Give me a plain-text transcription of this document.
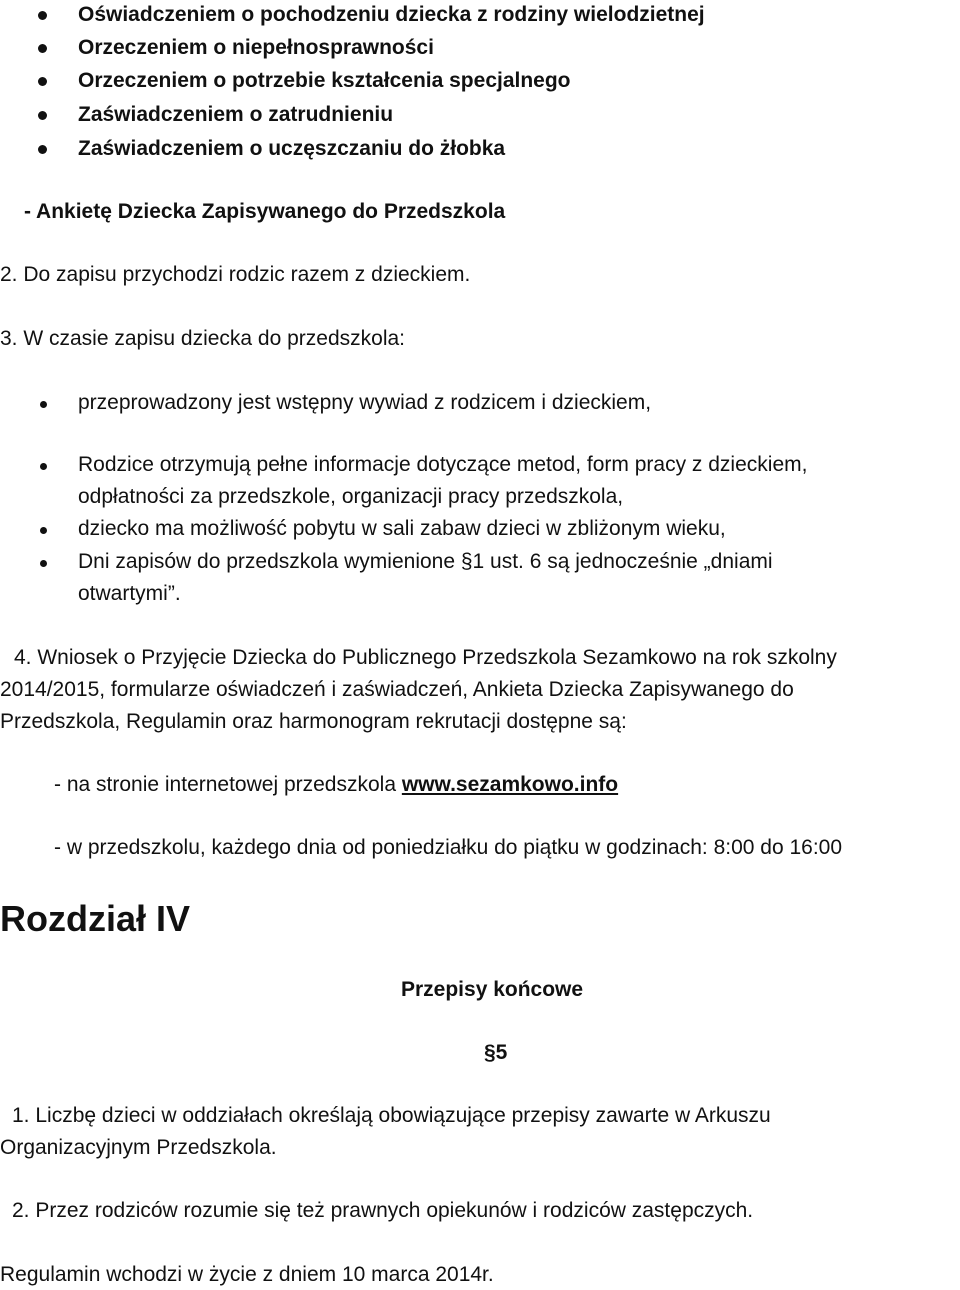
Oświadczeniem o pochodzeniu dziecka z rodziny wielodzietnej
Orzeczeniem o niepełnosprawności
Orzeczeniem o potrzebie kształcenia specjalnego
Zaświadczeniem o zatrudnieniu
Zaświadczeniem o uczęszczaniu do żłobka
- Ankietę Dziecka Zapisywanego do Przedszkola
2. Do zapisu przychodzi rodzic razem z dzieckiem.
3. W czasie zapisu dziecka do przedszkola:
przeprowadzony jest wstępny wywiad z rodzicem i dzieckiem,
Rodzice otrzymują pełne informacje dotyczące metod, form pracy z dzieckiem,
odpłatności za przedszkole, organizacji pracy przedszkola,
dziecko ma możliwość pobytu w sali zabaw dzieci w zbliżonym wieku,
Dni zapisów do przedszkola wymienione §1 ust. 6 są jednocześnie „dniami
otwartymi”.
4. Wniosek o Przyjęcie Dziecka do Publicznego Przedszkola Sezamkowo na rok szkolny
2014/2015, formularze oświadczeń i zaświadczeń, Ankieta Dziecka Zapisywanego do
Przedszkola, Regulamin oraz harmonogram rekrutacji dostępne są:
- na stronie internetowej przedszkola www.sezamkowo.info
- w przedszkolu, każdego dnia od poniedziałku do piątku w godzinach: 8:00 do 16:00
Rozdział IV
Przepisy końcowe
§5
1. Liczbę dzieci w oddziałach określają obowiązujące przepisy zawarte w Arkuszu
Organizacyjnym Przedszkola.
2. Przez rodziców rozumie się też prawnych opiekunów i rodziców zastępczych.
Regulamin wchodzi w życie z dniem 10 marca 2014r.
